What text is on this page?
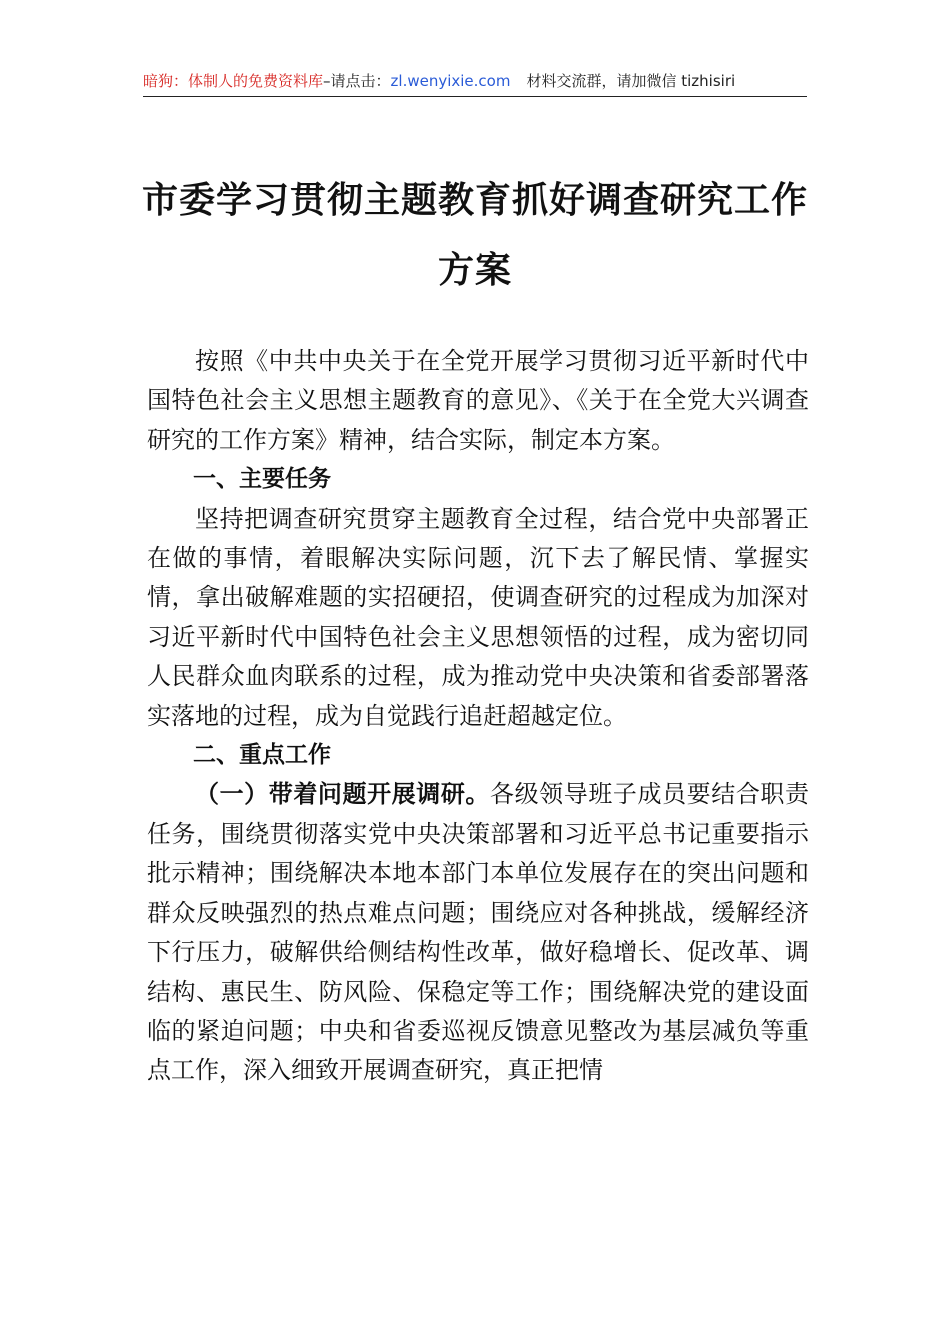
暗狗：体制人的免费资料库–请点击：zl.wenyixie.com 材料交流群，请加微信 tizhisiri
市委学习贯彻主题教育抓好调查研究工作
方案

按照《中共中央关于在全党开展学习贯彻习近平新时代中国特色社会主义思想主题教育的意见》、《关于在全党大兴调查研究的工作方案》精神，结合实际，制定本方案。

一、主要任务

坚持把调查研究贯穿主题教育全过程，结合党中央部署正在做的事情，着眼解决实际问题，沉下去了解民情、掌握实情，拿出破解难题的实招硬招，使调查研究的过程成为加深对习近平新时代中国特色社会主义思想领悟的过程，成为密切同人民群众血肉联系的过程，成为推动党中央决策和省委部署落实落地的过程，成为自觉践行追赶超越定位。

二、重点工作

（一）带着问题开展调研。各级领导班子成员要结合职责任务，围绕贯彻落实党中央决策部署和习近平总书记重要指示批示精神；围绕解决本地本部门本单位发展存在的突出问题和群众反映强烈的热点难点问题；围绕应对各种挑战，缓解经济下行压力，破解供给侧结构性改革，做好稳增长、促改革、调结构、惠民生、防风险、保稳定等工作；围绕解决党的建设面临的紧迫问题；中央和省委巡视反馈意见整改为基层减负等重点工作，深入细致开展调查研究，真正把情
